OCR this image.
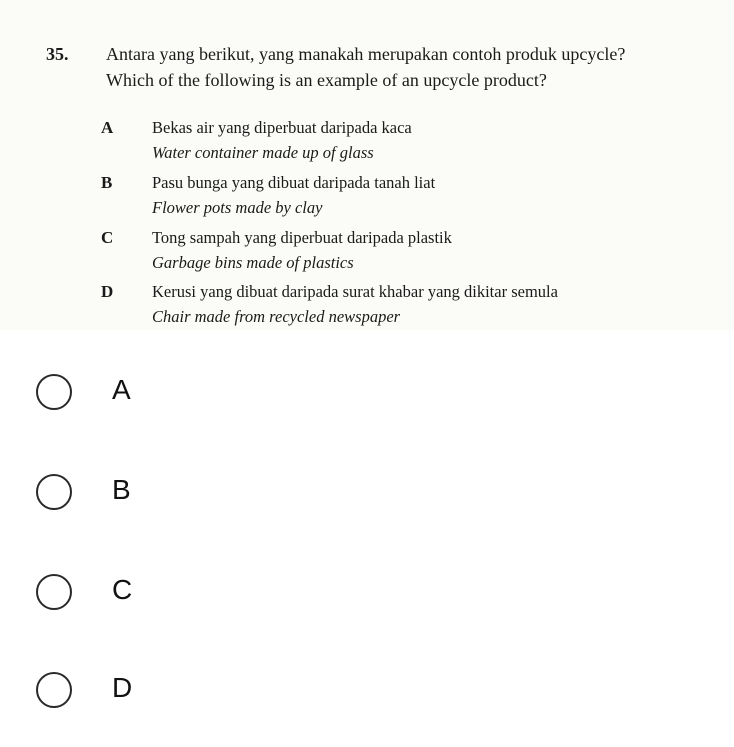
35. Antara yang berikut, yang manakah merupakan contoh produk upcycle?
Which of the following is an example of an upcycle product?
A Bekas air yang diperbuat daripada kaca
Water container made up of glass
B Pasu bunga yang dibuat daripada tanah liat
Flower pots made by clay
C Tong sampah yang diperbuat daripada plastik
Garbage bins made of plastics
D Kerusi yang dibuat daripada surat khabar yang dikitar semula
Chair made from recycled newspaper
A
B
C
D
